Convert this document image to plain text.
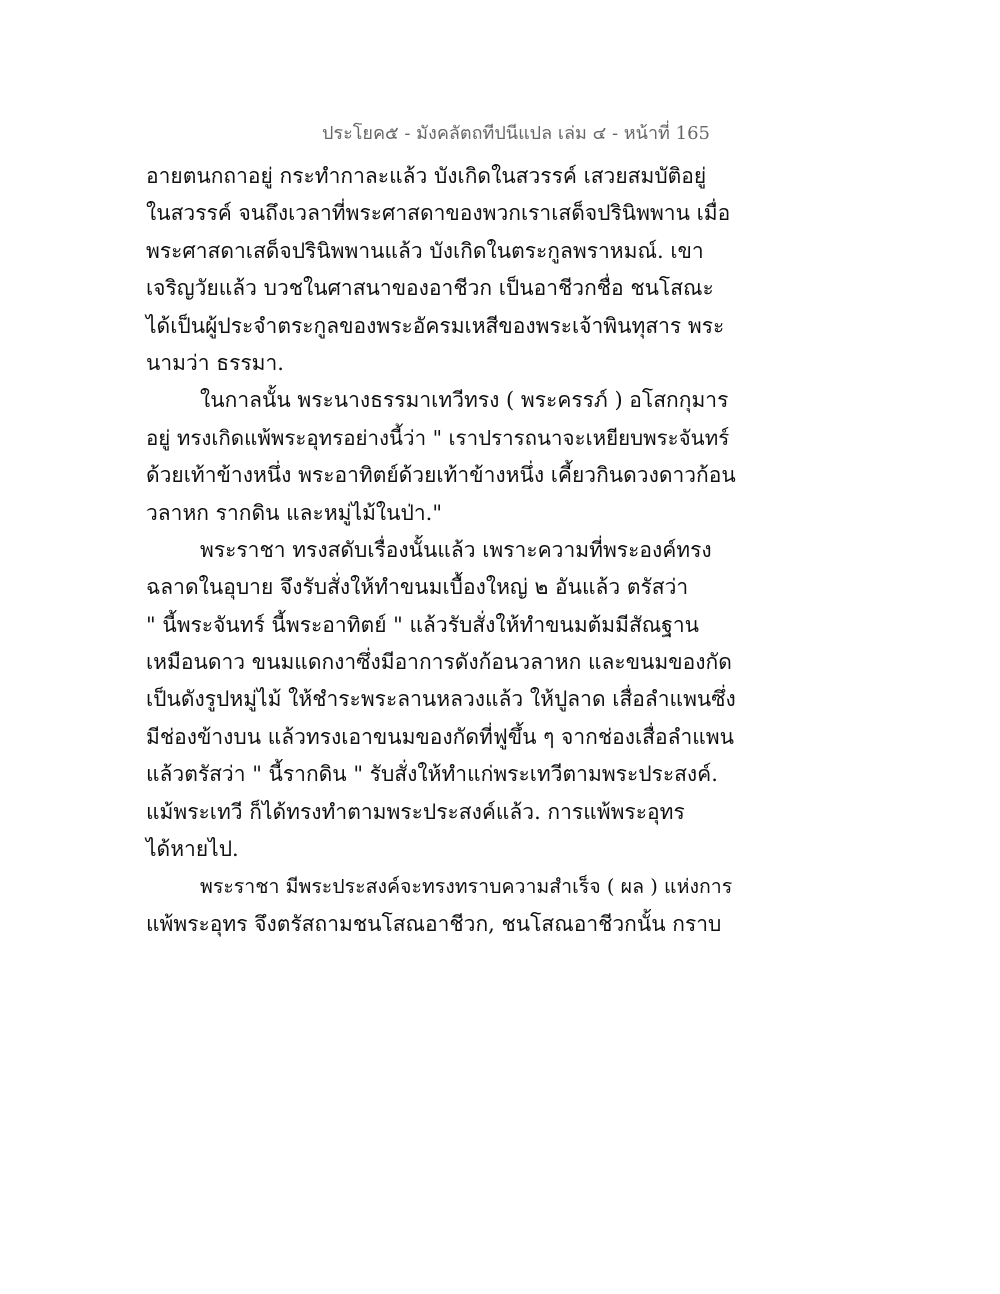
ประโยค๕ - มังคลัตถทีปนีแปล เล่ม ๔ - หน้าที่ 165
อายตนกถาอยู่ กระทำกาละแล้ว บังเกิดในสวรรค์ เสวยสมบัติอยู่
ในสวรรค์ จนถึงเวลาที่พระศาสดาของพวกเราเสด็จปรินิพพาน เมื่อ
พระศาสดาเสด็จปรินิพพานแล้ว บังเกิดในตระกูลพราหมณ์. เขา
เจริญวัยแล้ว บวชในศาสนาของอาชีวก เป็นอาชีวกชื่อ ชนโสณะ
ได้เป็นผู้ประจำตระกูลของพระอัครมเหสีของพระเจ้าพินทุสาร พระ
นามว่า ธรรมา.
ในกาลนั้น พระนางธรรมาเทวีทรง ( พระครรภ์ ) อโสกกุมาร
อยู่ ทรงเกิดแพ้พระอุทรอย่างนี้ว่า " เราปรารถนาจะเหยียบพระจันทร์
ด้วยเท้าข้างหนึ่ง พระอาทิตย์ด้วยเท้าข้างหนึ่ง เคี้ยวกินดวงดาวก้อน
วลาหก รากดิน และหมู่ไม้ในป่า."
พระราชา ทรงสดับเรื่องนั้นแล้ว เพราะความที่พระองค์ทรง
ฉลาดในอุบาย จึงรับสั่งให้ทำขนมเบื้องใหญ่ ๒ อันแล้ว ตรัสว่า
" นี้พระจันทร์ นี้พระอาทิตย์ " แล้วรับสั่งให้ทำขนมต้มมีสัณฐาน
เหมือนดาว ขนมแดกงาซึ่งมีอาการดังก้อนวลาหก และขนมของกัด
เป็นดังรูปหมู่ไม้ ให้ชำระพระลานหลวงแล้ว ให้ปูลาด เสื่อลำแพนซึ่ง
มีช่องข้างบน แล้วทรงเอาขนมของกัดที่ฟูขึ้น ๆ จากช่องเสื่อลำแพน
แล้วตรัสว่า " นี้รากดิน " รับสั่งให้ทำแก่พระเทวีตามพระประสงค์.
แม้พระเทวี ก็ได้ทรงทำตามพระประสงค์แล้ว. การแพ้พระอุทร
ได้หายไป.
พระราชา มีพระประสงค์จะทรงทราบความสำเร็จ ( ผล ) แห่งการ
แพ้พระอุทร จึงตรัสถามชนโสณอาชีวก, ชนโสณอาชีวกนั้น กราบ
